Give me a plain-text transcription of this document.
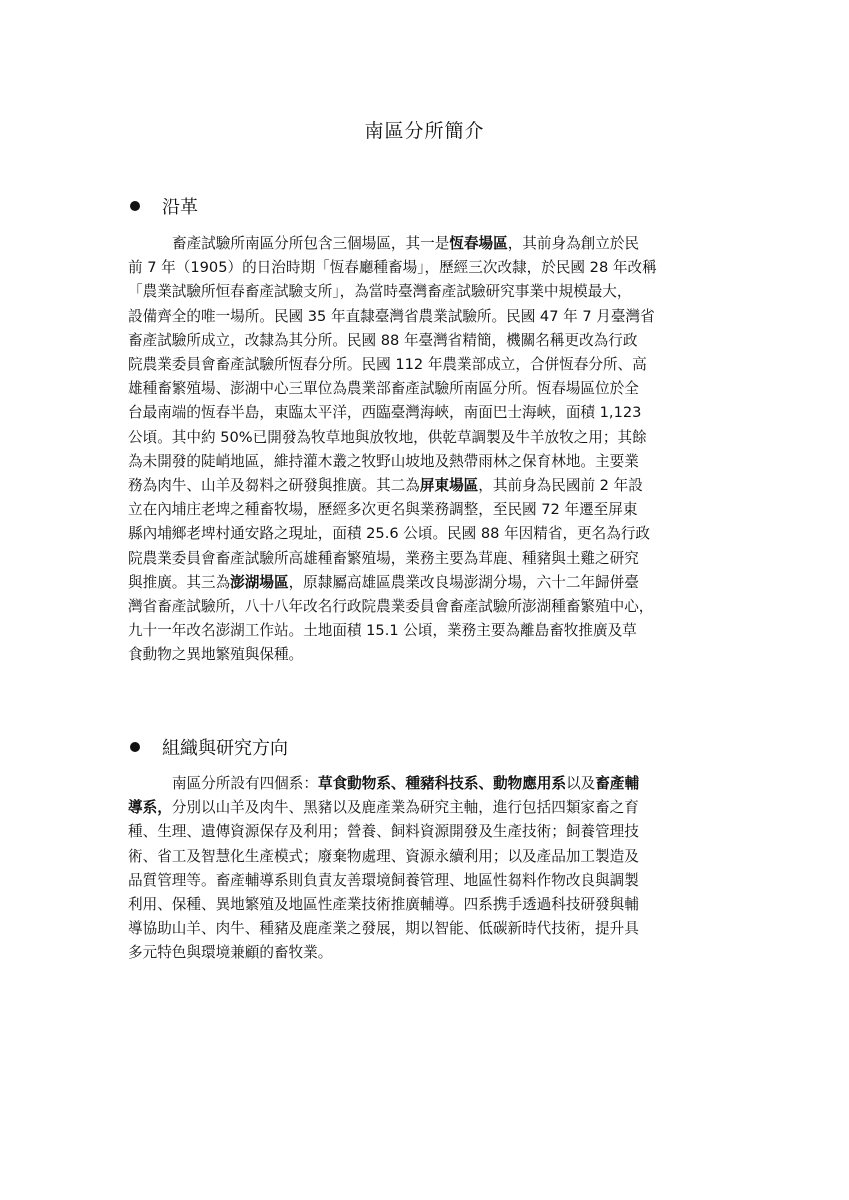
南區分所簡介
沿革
畜產試驗所南區分所包含三個場區，其一是恆春場區，其前身為創立於民
前 7 年（1905）的日治時期「恆春廳種畜場」，歷經三次改隸，於民國 28 年改稱
「農業試驗所恒春畜產試驗支所」，為當時臺灣畜產試驗研究事業中規模最大，
設備齊全的唯一場所。民國 35 年直隸臺灣省農業試驗所。民國 47 年 7 月臺灣省
畜產試驗所成立，改隸為其分所。民國 88 年臺灣省精簡，機關名稱更改為行政
院農業委員會畜產試驗所恆春分所。民國 112 年農業部成立，合併恆春分所、高
雄種畜繁殖場、澎湖中心三單位為農業部畜產試驗所南區分所。恆春場區位於全
台最南端的恆春半島，東臨太平洋，西臨臺灣海峽，南面巴士海峽，面積 1,123
公頃。其中約 50%已開發為牧草地與放牧地，供乾草調製及牛羊放牧之用；其餘
為未開發的陡峭地區，維持灌木叢之牧野山坡地及熱帶雨林之保育林地。主要業
務為肉牛、山羊及芻料之研發與推廣。其二為屏東場區，其前身為民國前 2 年設
立在內埔庄老埤之種畜牧場，歷經多次更名與業務調整，至民國 72 年遷至屏東
縣內埔鄉老埤村通安路之現址，面積 25.6 公頃。民國 88 年因精省，更名為行政
院農業委員會畜產試驗所高雄種畜繁殖場，業務主要為茸鹿、種豬與土雞之研究
與推廣。其三為澎湖場區，原隸屬高雄區農業改良場澎湖分場，六十二年歸併臺
灣省畜產試驗所，八十八年改名行政院農業委員會畜產試驗所澎湖種畜繁殖中心，
九十一年改名澎湖工作站。土地面積 15.1 公頃，業務主要為離島畜牧推廣及草
食動物之異地繁殖與保種。
組織與研究方向
南區分所設有四個系：草食動物系、種豬科技系、動物應用系以及畜產輔
導系，分別以山羊及肉牛、黑豬以及鹿產業為研究主軸，進行包括四類家畜之育
種、生理、遺傳資源保存及利用；營養、飼料資源開發及生產技術；飼養管理技
術、省工及智慧化生產模式；廢棄物處理、資源永續利用；以及產品加工製造及
品質管理等。畜產輔導系則負責友善環境飼養管理、地區性芻料作物改良與調製
利用、保種、異地繁殖及地區性產業技術推廣輔導。四系携手透過科技研發與輔
導協助山羊、肉牛、種豬及鹿產業之發展，期以智能、低碳新時代技術，提升具
多元特色與環境兼顧的畜牧業。
